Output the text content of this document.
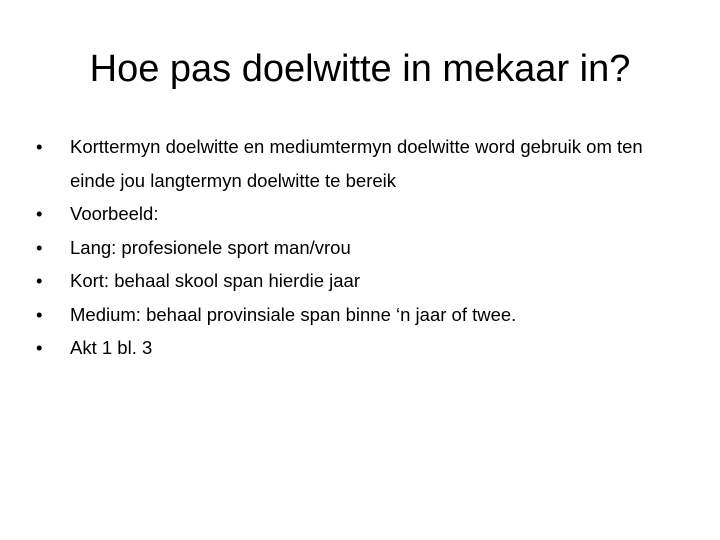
Hoe pas doelwitte in mekaar in?
•	Korttermyn doelwitte en mediumtermyn doelwitte word gebruik om ten einde jou langtermyn doelwitte te bereik
•	Voorbeeld:
•	Lang: profesionele sport man/vrou
•	Kort: behaal skool span hierdie jaar
•	Medium: behaal provinsiale span binne ‘n jaar of twee.
•	Akt 1 bl. 3
